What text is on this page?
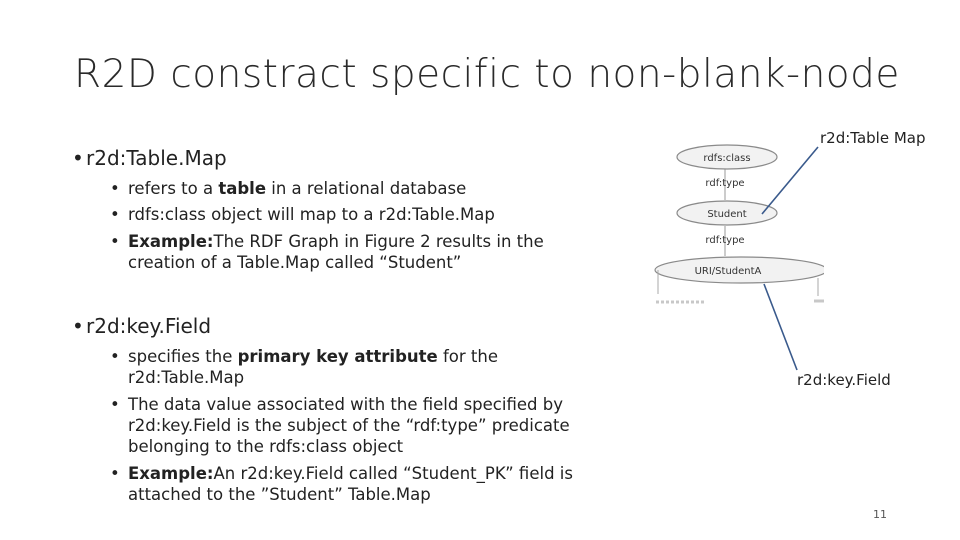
R2D constract specific to non-blank-node
• r2d:Table.Map
• refers to a table in a relational database
• rdfs:class object will map to a r2d:Table.Map
• Example:The RDF Graph in Figure 2 results in the creation of a Table.Map called “Student”
• r2d:key.Field
• specifies the primary key attribute for the r2d:Table.Map
• The data value associated with the field specified by r2d:key.Field is the subject of the “rdf:type” predicate belonging to the rdfs:class object
• Example:An r2d:key.Field called “Student_PK” field is attached to the ”Student” Table.Map
rdfs:class
rdf:type
Student
rdf:type
URI/StudentA
r2d:Table Map
r2d:key.Field
11
